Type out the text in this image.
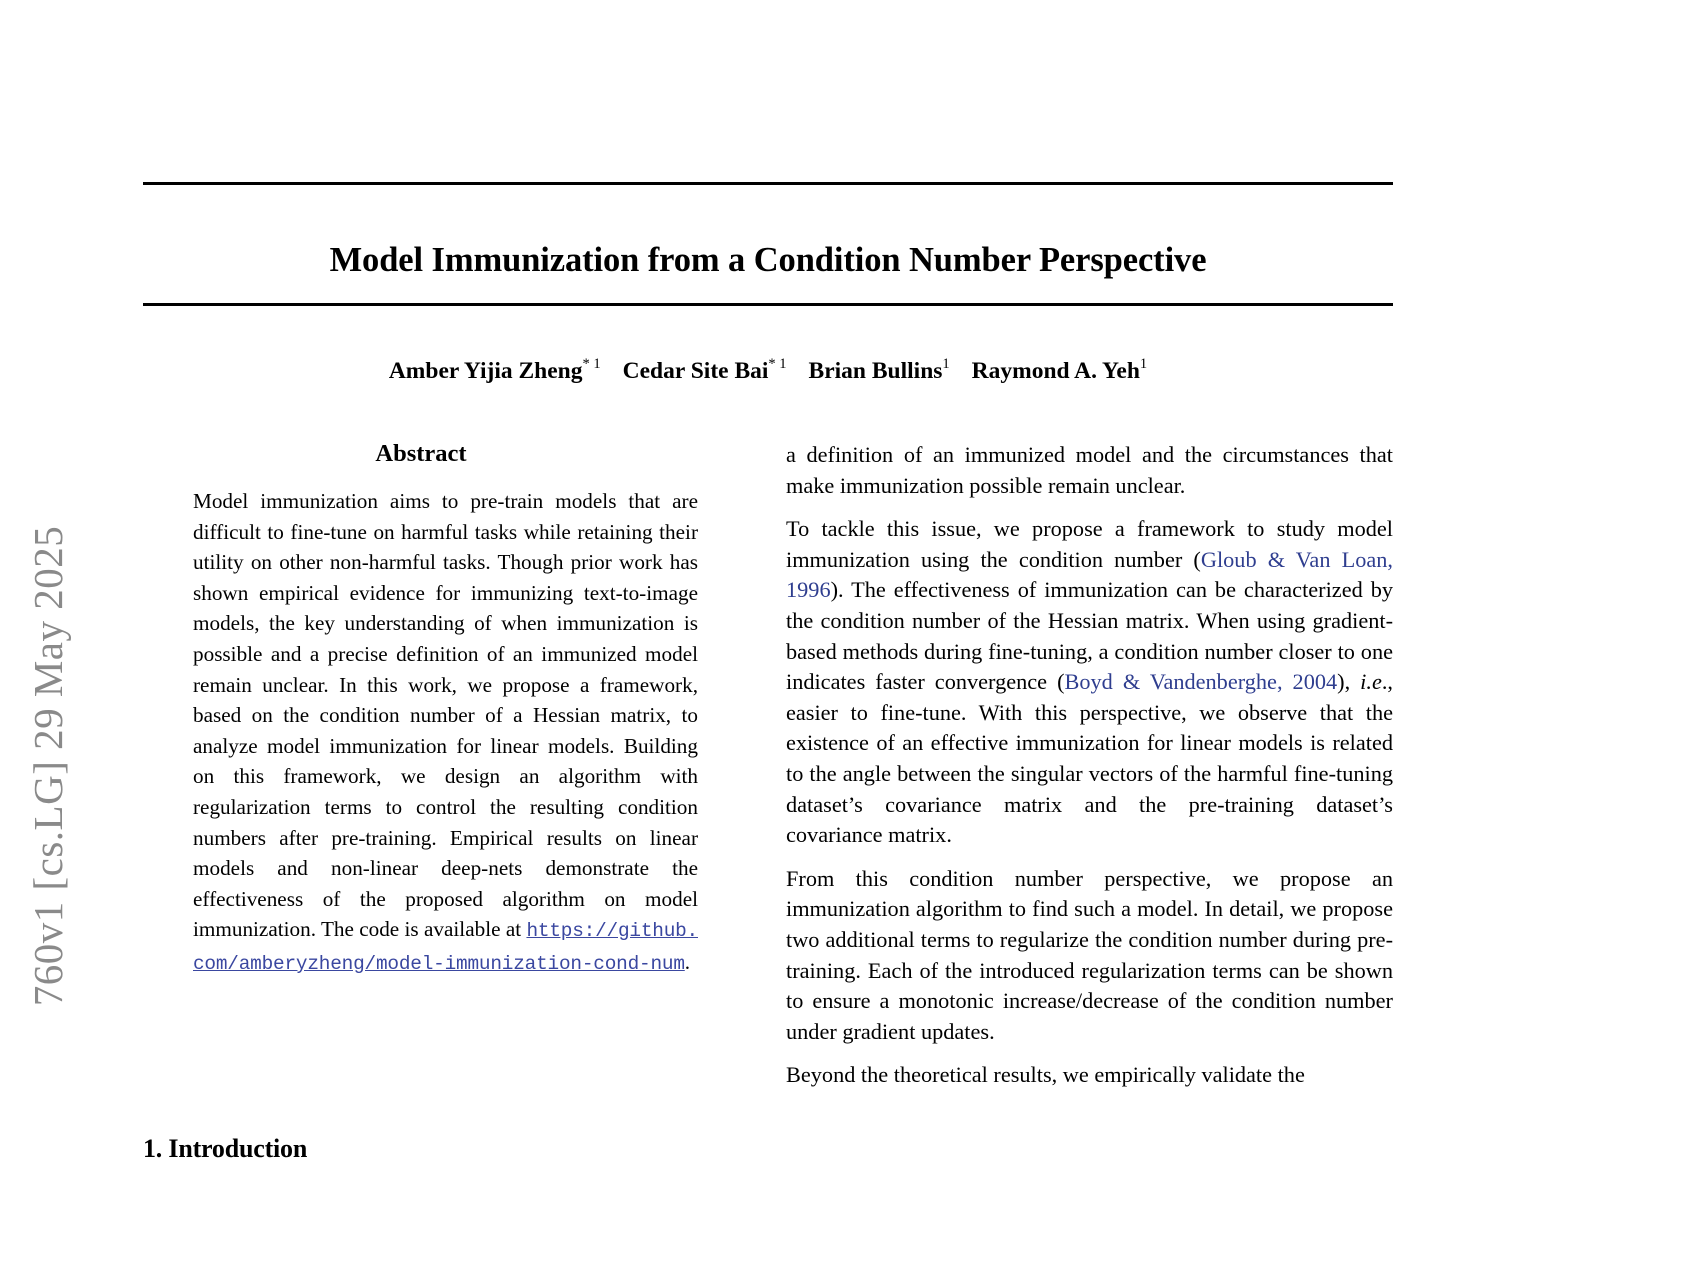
760v1 [cs.LG] 29 May 2025
Model Immunization from a Condition Number Perspective
Amber Yijia Zheng$^{* 1}$ Cedar Site Bai$^{* 1}$ Brian Bullins$^1$ Raymond A. Yeh$^1$
Abstract
Model immunization aims to pre-train models that are difficult to fine-tune on harmful tasks while retaining their utility on other non-harmful tasks. Though prior work has shown empirical evidence for immunizing text-to-image models, the key understanding of when immunization is possible and a precise definition of an immunized model remain unclear. In this work, we propose a framework, based on the condition number of a Hessian matrix, to analyze model immunization for linear models. Building on this framework, we design an algorithm with regularization terms to control the resulting condition numbers after pre-training. Empirical results on linear models and non-linear deep-nets demonstrate the effectiveness of the proposed algorithm on model immunization. The code is available at https://github.com/amberyzheng/model-immunization-cond-num.

a definition of an immunized model and the circumstances that make immunization possible remain unclear.

To tackle this issue, we propose a framework to study model immunization using the condition number (Gloub & Van Loan, 1996). The effectiveness of immunization can be characterized by the condition number of the Hessian matrix. When using gradient-based methods during fine-tuning, a condition number closer to one indicates faster convergence (Boyd & Vandenberghe, 2004), i.e., easier to fine-tune. With this perspective, we observe that the existence of an effective immunization for linear models is related to the angle between the singular vectors of the harmful fine-tuning dataset’s covariance matrix and the pre-training dataset’s covariance matrix.

From this condition number perspective, we propose an immunization algorithm to find such a model. In detail, we propose two additional terms to regularize the condition number during pre-training. Each of the introduced regularization terms can be shown to ensure a monotonic increase/decrease of the condition number under gradient updates.

Beyond the theoretical results, we empirically validate the

1. Introduction
